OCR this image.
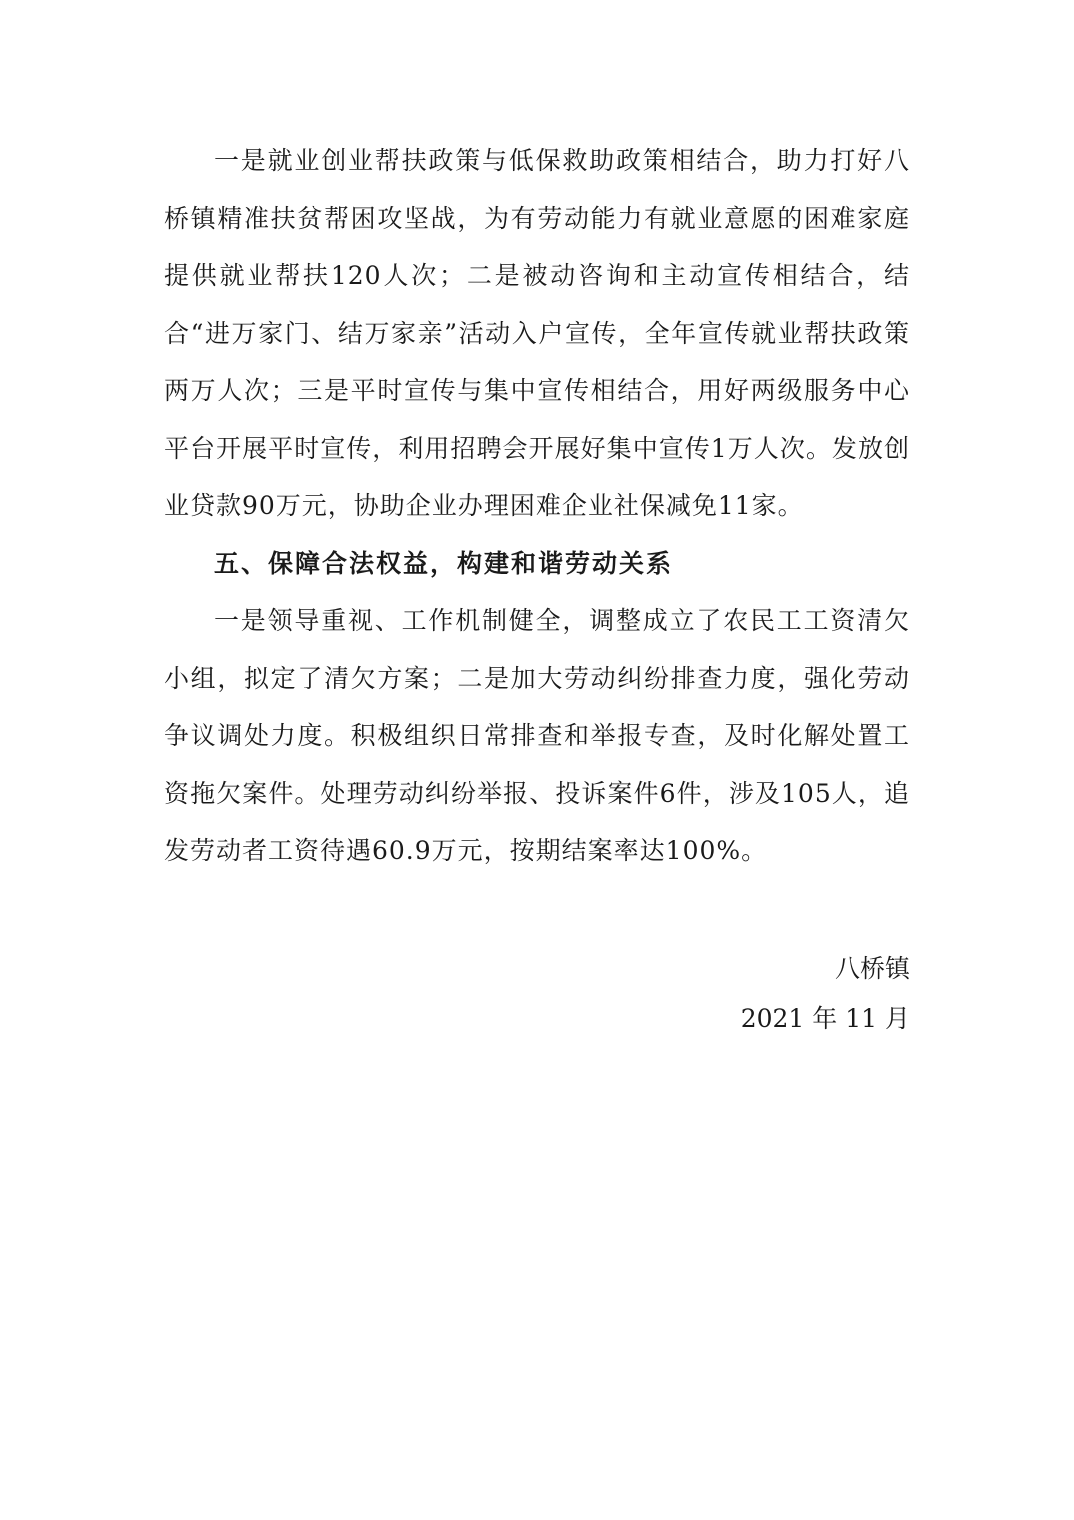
一是就业创业帮扶政策与低保救助政策相结合，助力打好八桥镇精准扶贫帮困攻坚战，为有劳动能力有就业意愿的困难家庭提供就业帮扶120人次；二是被动咨询和主动宣传相结合，结合“进万家门、结万家亲”活动入户宣传，全年宣传就业帮扶政策两万人次；三是平时宣传与集中宣传相结合，用好两级服务中心平台开展平时宣传，利用招聘会开展好集中宣传1万人次。发放创业贷款90万元，协助企业办理困难企业社保减免11家。

五、保障合法权益，构建和谐劳动关系

一是领导重视、工作机制健全，调整成立了农民工工资清欠小组，拟定了清欠方案；二是加大劳动纠纷排查力度，强化劳动争议调处力度。积极组织日常排查和举报专查，及时化解处置工资拖欠案件。处理劳动纠纷举报、投诉案件6件，涉及105人，追发劳动者工资待遇60.9万元，按期结案率达100%。

八桥镇
2021 年 11 月
